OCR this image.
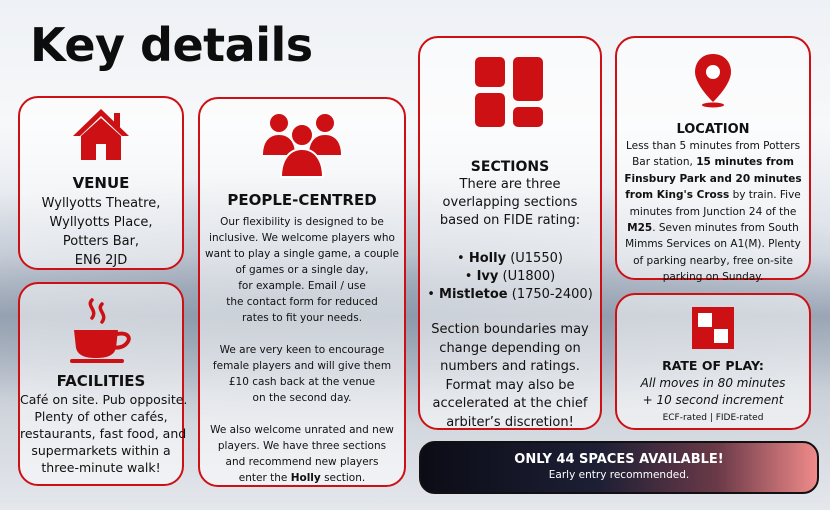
Key details
VENUE
Wyllyotts Theatre,
Wyllyotts Place,
Potters Bar,
EN6 2JD
FACILITIES
Café on site. Pub opposite.
Plenty of other cafés,
restaurants, fast food, and
supermarkets within a
three-minute walk!
PEOPLE-CENTRED
Our flexibility is designed to be
inclusive. We welcome players who
want to play a single game, a couple
of games or a single day,
for example. Email / use
the contact form for reduced
rates to fit your needs.
We are very keen to encourage
female players and will give them
£10 cash back at the venue
on the second day.
We also welcome unrated and new
players. We have three sections
and recommend new players
enter the Holly section.
SECTIONS
There are three
overlapping sections
based on FIDE rating:
• Holly (U1550)
• Ivy (U1800)
• Mistletoe (1750-2400)
Section boundaries may
change depending on
numbers and ratings.
Format may also be
accelerated at the chief
arbiter’s discretion!
LOCATION
Less than 5 minutes from Potters
Bar station, 15 minutes from
Finsbury Park and 20 minutes
from King's Cross by train. Five
minutes from Junction 24 of the
M25. Seven minutes from South
Mimms Services on A1(M). Plenty
of parking nearby, free on-site
parking on Sunday.
RATE OF PLAY:
All moves in 80 minutes
+ 10 second increment
ECF-rated | FIDE-rated
ONLY 44 SPACES AVAILABLE!
Early entry recommended.
